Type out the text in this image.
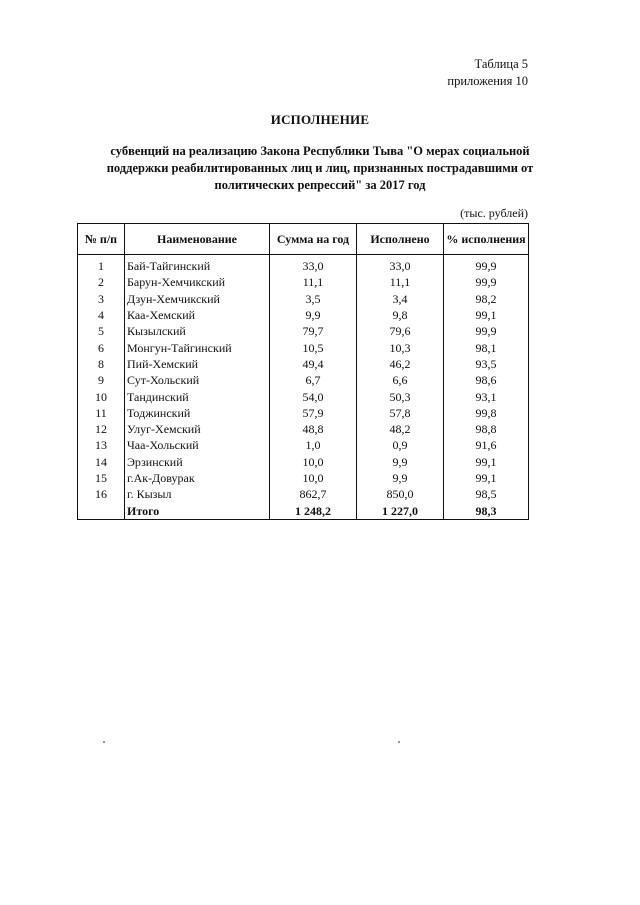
Таблица 5
приложения 10
ИСПОЛНЕНИЕ
субвенций на реализацию Закона Республики Тыва "О мерах социальной
поддержки реабилитированных лиц и лиц, признанных пострадавшими от
политических репрессий" за 2017 год
(тыс. рублей)
№ п/п	Наименование	Сумма на год	Исполнено	% исполнения
1	Бай-Тайгинский	33,0	33,0	99,9
2	Барун-Хемчикский	11,1	11,1	99,9
3	Дзун-Хемчикский	3,5	3,4	98,2
4	Каа-Хемский	9,9	9,8	99,1
5	Кызылский	79,7	79,6	99,9
6	Монгун-Тайгинский	10,5	10,3	98,1
8	Пий-Хемский	49,4	46,2	93,5
9	Сут-Хольский	6,7	6,6	98,6
10	Тандинский	54,0	50,3	93,1
11	Тоджинский	57,9	57,8	99,8
12	Улуг-Хемский	48,8	48,2	98,8
13	Чаа-Хольский	1,0	0,9	91,6
14	Эрзинский	10,0	9,9	99,1
15	г.Ак-Довурак	10,0	9,9	99,1
16	г. Кызыл	862,7	850,0	98,5
	Итого	1 248,2	1 227,0	98,3
